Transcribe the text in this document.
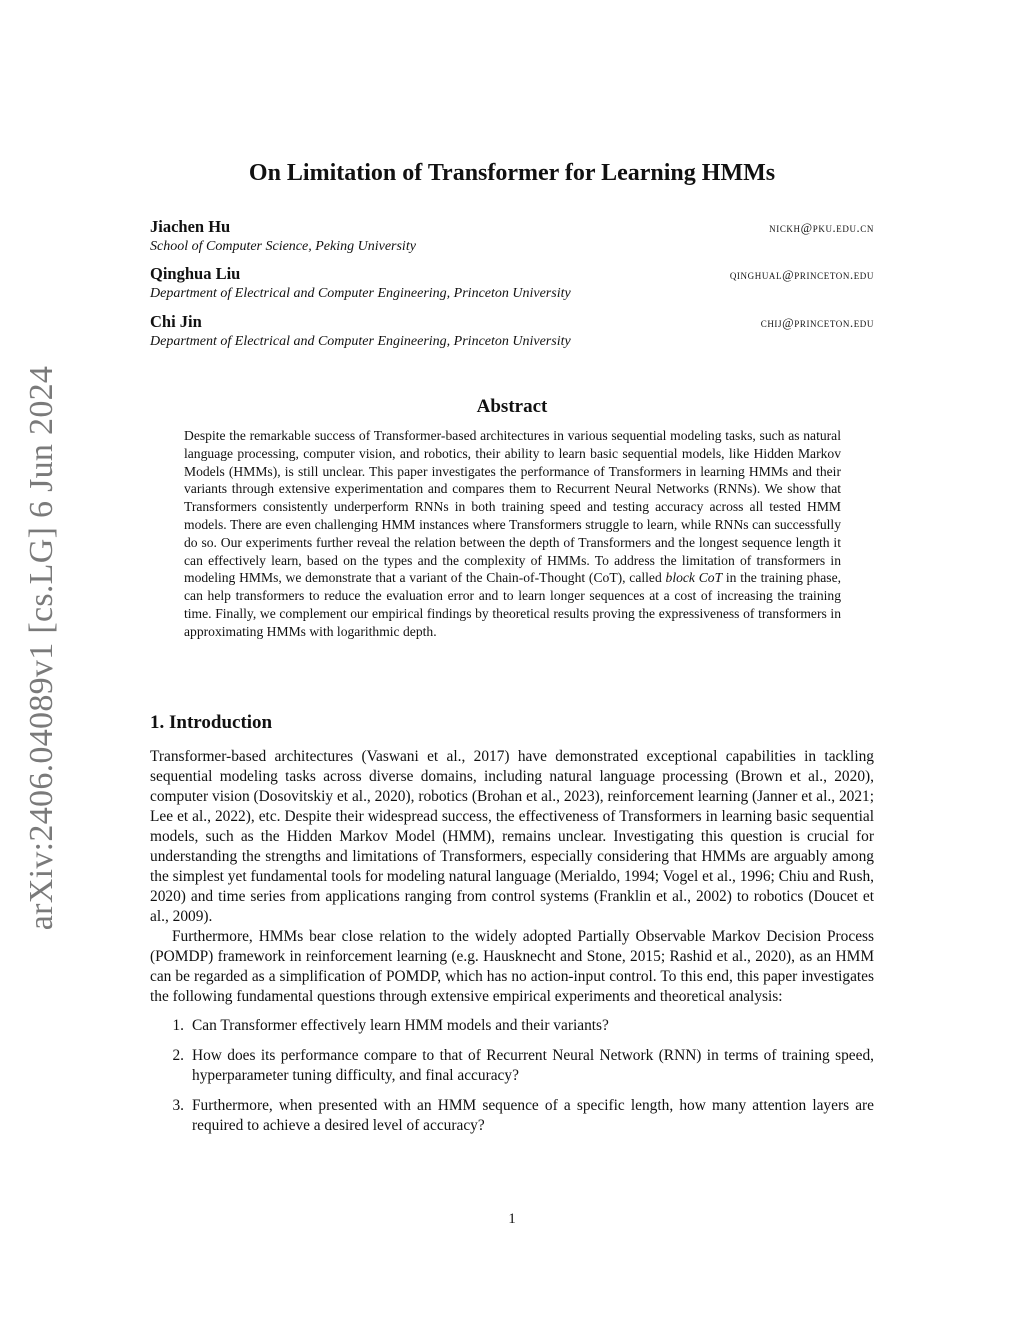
arXiv:2406.04089v1 [cs.LG] 6 Jun 2024
On Limitation of Transformer for Learning HMMs
Jiachen Hu	nickh@pku.edu.cn
School of Computer Science, Peking University
Qinghua Liu	qinghual@princeton.edu
Department of Electrical and Computer Engineering, Princeton University
Chi Jin	chij@princeton.edu
Department of Electrical and Computer Engineering, Princeton University
Abstract
Despite the remarkable success of Transformer-based architectures in various sequential modeling tasks, such as natural language processing, computer vision, and robotics, their ability to learn basic sequential models, like Hidden Markov Models (HMMs), is still unclear. This paper investigates the performance of Transformers in learning HMMs and their variants through extensive experimentation and compares them to Recurrent Neural Networks (RNNs). We show that Transformers consistently underperform RNNs in both training speed and testing accuracy across all tested HMM models. There are even challenging HMM instances where Transformers struggle to learn, while RNNs can successfully do so. Our experiments further reveal the relation between the depth of Transformers and the longest sequence length it can effectively learn, based on the types and the complexity of HMMs. To address the limitation of transformers in modeling HMMs, we demonstrate that a variant of the Chain-of-Thought (CoT), called block CoT in the training phase, can help transformers to reduce the evaluation error and to learn longer sequences at a cost of increasing the training time. Finally, we complement our empirical findings by theoretical results proving the expressiveness of transformers in approximating HMMs with logarithmic depth.
1. Introduction

Transformer-based architectures (Vaswani et al., 2017) have demonstrated exceptional capabilities in tackling sequential modeling tasks across diverse domains, including natural language processing (Brown et al., 2020), computer vision (Dosovitskiy et al., 2020), robotics (Brohan et al., 2023), reinforcement learning (Janner et al., 2021; Lee et al., 2022), etc. Despite their widespread success, the effectiveness of Transformers in learning basic sequential models, such as the Hidden Markov Model (HMM), remains unclear. Investigating this question is crucial for understanding the strengths and limitations of Transformers, especially considering that HMMs are arguably among the simplest yet fundamental tools for modeling natural language (Merialdo, 1994; Vogel et al., 1996; Chiu and Rush, 2020) and time series from applications ranging from control systems (Franklin et al., 2002) to robotics (Doucet et al., 2009).

Furthermore, HMMs bear close relation to the widely adopted Partially Observable Markov Decision Process (POMDP) framework in reinforcement learning (e.g. Hausknecht and Stone, 2015; Rashid et al., 2020), as an HMM can be regarded as a simplification of POMDP, which has no action-input control. To this end, this paper investigates the following fundamental questions through extensive empirical experiments and theoretical analysis:

1. Can Transformer effectively learn HMM models and their variants?
2. How does its performance compare to that of Recurrent Neural Network (RNN) in terms of training speed, hyperparameter tuning difficulty, and final accuracy?
3. Furthermore, when presented with an HMM sequence of a specific length, how many attention layers are required to achieve a desired level of accuracy?
1
